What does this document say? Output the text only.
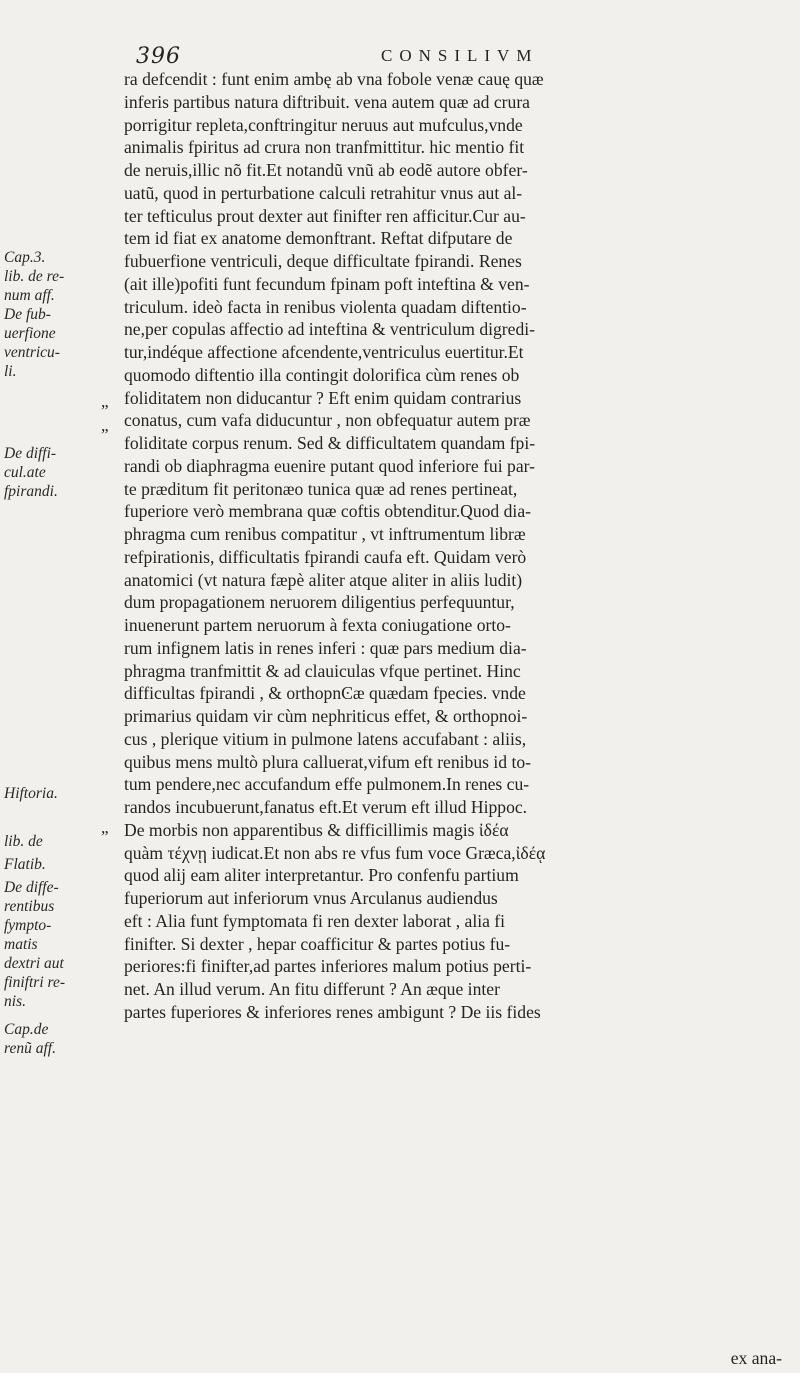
396	CONSILIVM
ra defcendit : funt enim ambę ab vna fobole venæ cauę quæ
inferis partibus natura diftribuit. vena autem quæ ad crura
porrigitur repleta,conftringitur neruus aut mufculus,vnde
animalis fpiritus ad crura non tranfmittitur. hic mentio fit
de neruis,illic nõ fit.Et notandũ vnũ ab eodẽ autore obfer-
uatũ, quod in perturbatione calculi retrahitur vnus aut al-
ter tefticulus prout dexter aut finifter ren afficitur.Cur au-
tem id fiat ex anatome demonftrant. Reftat difputare de
fubuerfione ventriculi, deque difficultate fpirandi. Renes
(ait ille)pofiti funt fecundum fpinam poft inteftina & ven-
triculum. ideò facta in renibus violenta quadam diftentio-
ne,per copulas affectio ad inteftina & ventriculum digredi-
tur,indéque affectione afcendente,ventriculus euertitur.Et
quomodo diftentio illa contingit dolorifica cùm renes ob
foliditatem non diducantur ? Eft enim quidam contrarius
conatus, cum vafa diducuntur , non obfequatur autem præ
foliditate corpus renum. Sed & difficultatem quandam fpi-
randi ob diaphragma euenire putant quod inferiore fui par-
te præditum fit peritonæo tunica quæ ad renes pertineat,
fuperiore verò membrana quæ coftis obtenditur.Quod dia-
phragma cum renibus compatitur , vt inftrumentum libræ
refpirationis, difficultatis fpirandi caufa eft. Quidam verò
anatomici (vt natura fæpè aliter atque aliter in aliis ludit)
dum propagationem neruorem diligentius perfequuntur,
inuenerunt partem neruorum à fexta coniugatione orto-
rum infignem latis in renes inferi : quæ pars medium dia-
phragma tranfmittit & ad clauiculas vfque pertinet. Hinc
difficultas fpirandi , & orthopnϾæ quædam fpecies. vnde
primarius quidam vir cùm nephriticus effet, & orthopnoi-
cus , plerique vitium in pulmone latens accufabant : aliis,
quibus mens multò plura calluerat,vifum eft renibus id to-
tum pendere,nec accufandum effe pulmonem.In renes cu-
randos incubuerunt,fanatus eft.Et verum eft illud Hippoc.
De morbis non apparentibus & difficillimis magis ἰδέα
quàm τέχνῃ iudicat.Et non abs re vfus fum voce Græca,ἰδέᾳ
quod alij eam aliter interpretantur. Pro confenfu partium
fuperiorum aut inferiorum vnus Arculanus audiendus
eft : Alia funt fymptomata fi ren dexter laborat , alia fi
finifter. Si dexter , hepar coafficitur & partes potius fu-
periores:fi finifter,ad partes inferiores malum potius perti-
net. An illud verum. An fitu differunt ? An æque inter
partes fuperiores & inferiores renes ambigunt ? De iis fides
Cap.3.
lib. de re-
num aff.
De fub-
uerfione
ventricu-
li.
De diffi-
cul.ate
fpirandi.
Hiftoria.
lib. de
Flatib.
De diffe-
rentibus
fympto-
matis
dextri aut
finiftri re-
nis.
Cap.de
renũ aff.
„
„
„
ex ana-
